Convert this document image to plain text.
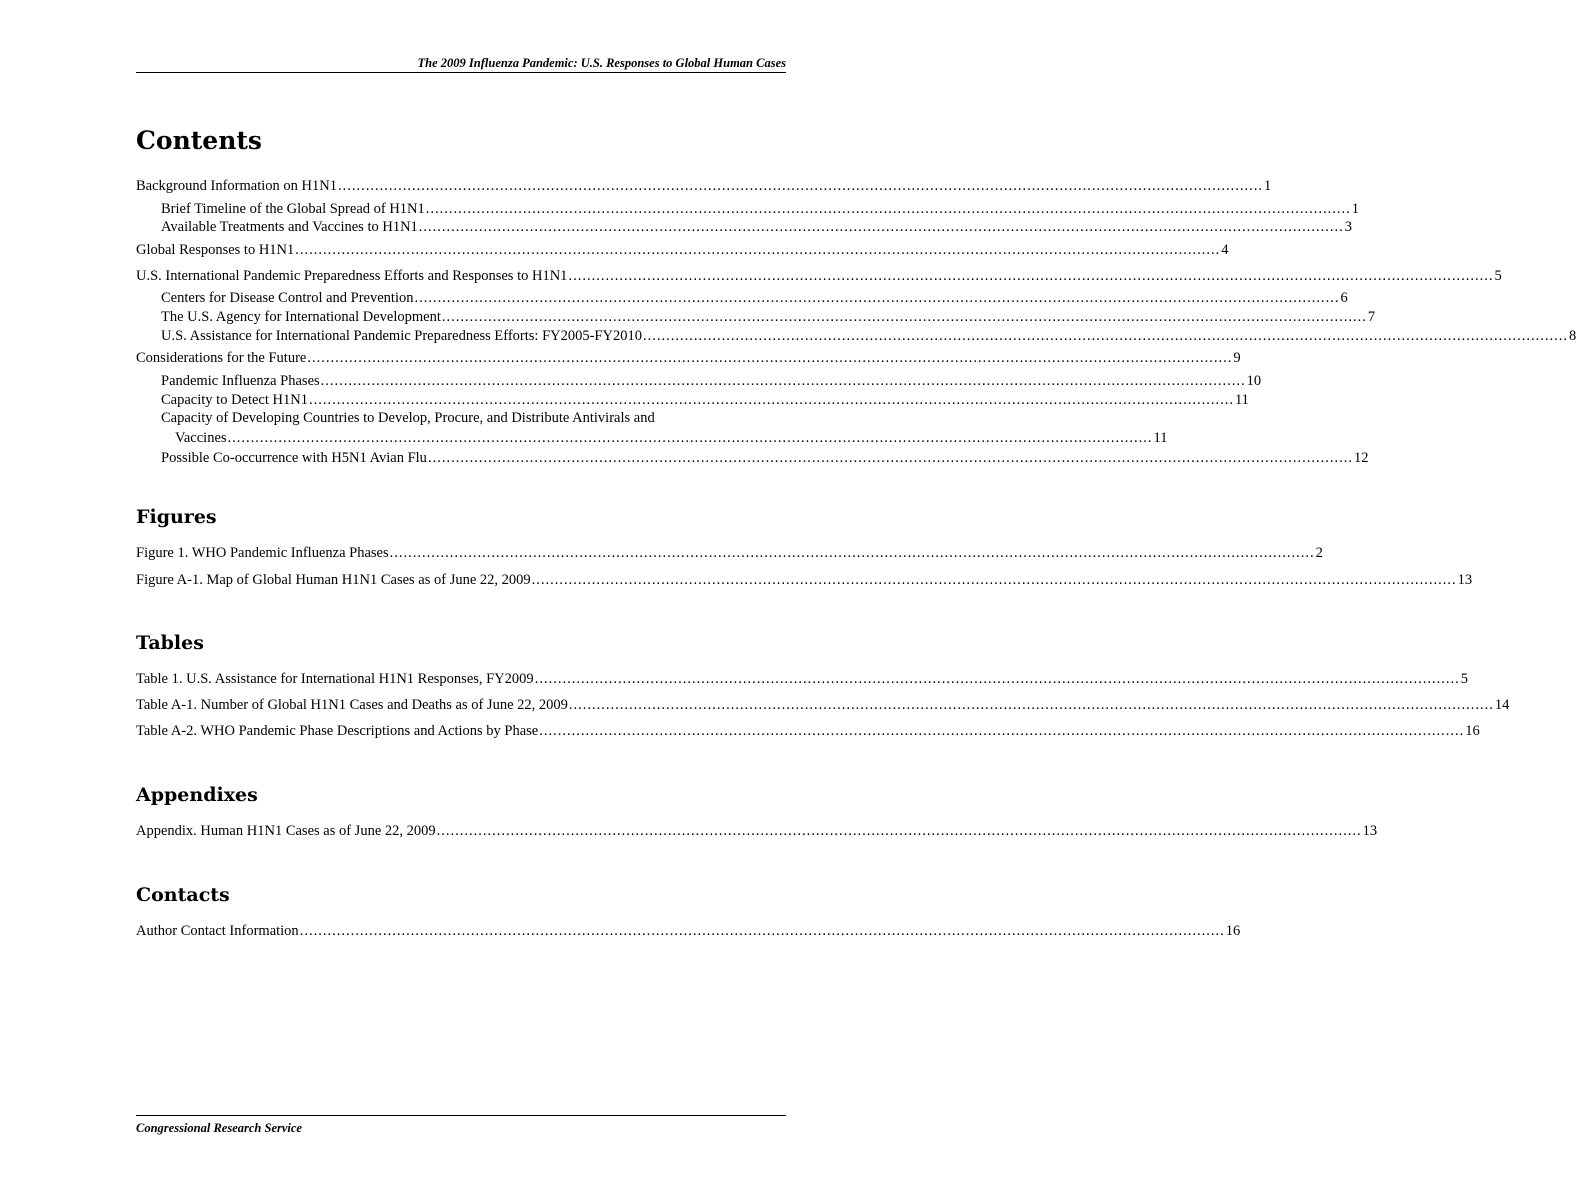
The 2009 Influenza Pandemic: U.S. Responses to Global Human Cases
Contents
Background Information on H1N1 ........................................................................................................................................................................................................ 1
Brief Timeline of the Global Spread of H1N1 ........................................................................................................................................................................................................ 1
Available Treatments and Vaccines to H1N1 ........................................................................................................................................................................................................ 3
Global Responses to H1N1 ........................................................................................................................................................................................................ 4
U.S. International Pandemic Preparedness Efforts and Responses to H1N1 ........................................................................................................................................................................................................ 5
Centers for Disease Control and Prevention ........................................................................................................................................................................................................ 6
The U.S. Agency for International Development ........................................................................................................................................................................................................ 7
U.S. Assistance for International Pandemic Preparedness Efforts: FY2005-FY2010 ........................................................................................................................................................................................................ 8
Considerations for the Future ........................................................................................................................................................................................................ 9
Pandemic Influenza Phases ........................................................................................................................................................................................................ 10
Capacity to Detect H1N1 ........................................................................................................................................................................................................ 11
Capacity of Developing Countries to Develop, Procure, and Distribute Antivirals and
Vaccines ........................................................................................................................................................................................................ 11
Possible Co-occurrence with H5N1 Avian Flu ........................................................................................................................................................................................................ 12
Figures
Figure 1. WHO Pandemic Influenza Phases ........................................................................................................................................................................................................ 2
Figure A-1. Map of Global Human H1N1 Cases as of June 22, 2009 ........................................................................................................................................................................................................ 13
Tables
Table 1. U.S. Assistance for International H1N1 Responses, FY2009 ........................................................................................................................................................................................................ 5
Table A-1. Number of Global H1N1 Cases and Deaths as of June 22, 2009 ........................................................................................................................................................................................................ 14
Table A-2. WHO Pandemic Phase Descriptions and Actions by Phase ........................................................................................................................................................................................................ 16
Appendixes
Appendix. Human H1N1 Cases as of June 22, 2009 ........................................................................................................................................................................................................ 13
Contacts
Author Contact Information ........................................................................................................................................................................................................ 16
Congressional Research Service
